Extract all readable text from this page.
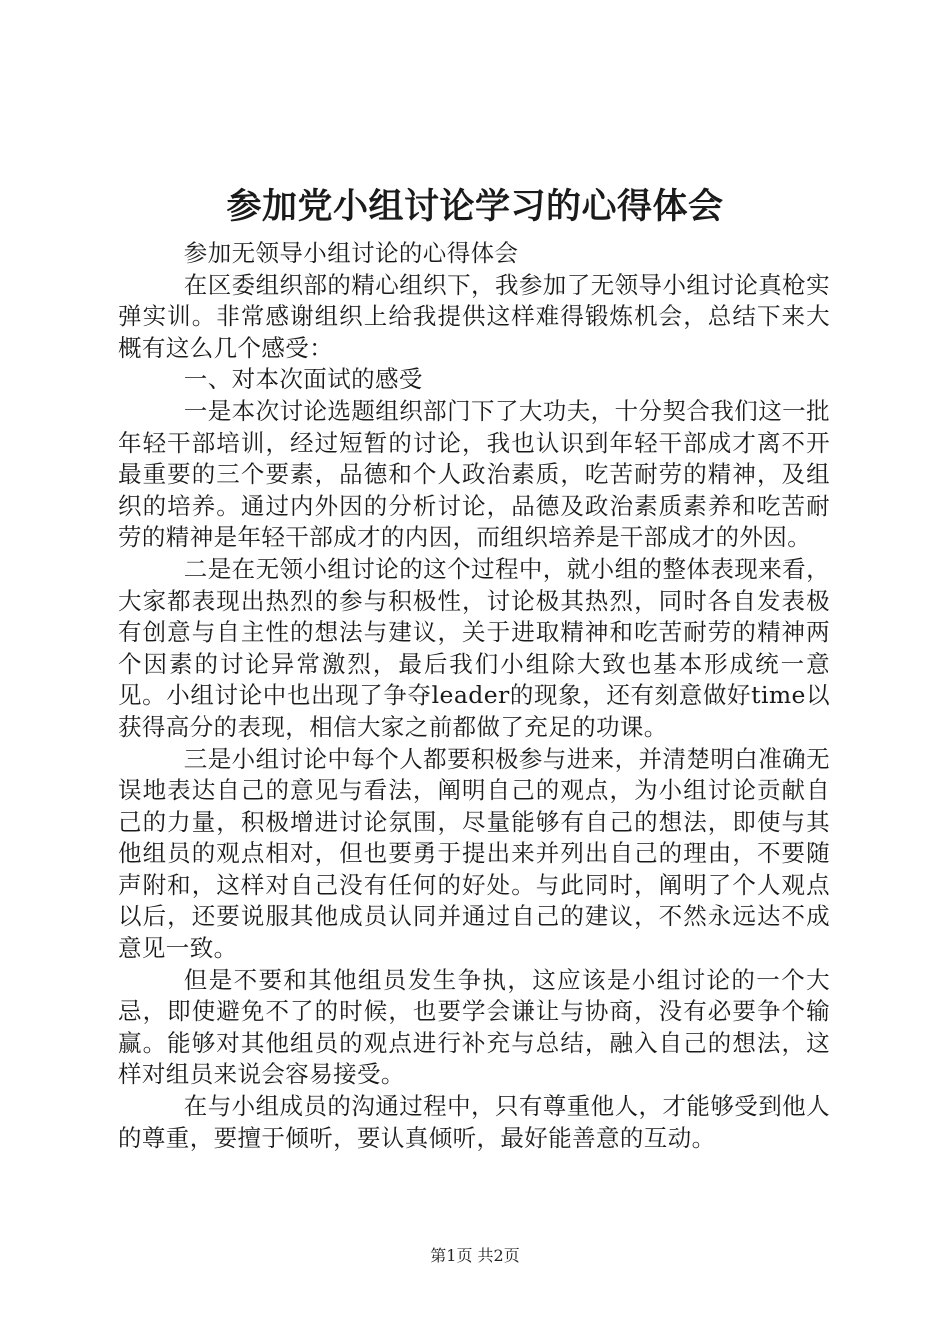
参加党小组讨论学习的心得体会

参加无领导小组讨论的心得体会

在区委组织部的精心组织下，我参加了无领导小组讨论真枪实弹实训。非常感谢组织上给我提供这样难得锻炼机会，总结下来大概有这么几个感受：

一、对本次面试的感受

一是本次讨论选题组织部门下了大功夫，十分契合我们这一批年轻干部培训，经过短暂的讨论，我也认识到年轻干部成才离不开最重要的三个要素，品德和个人政治素质，吃苦耐劳的精神，及组织的培养。通过内外因的分析讨论，品德及政治素质素养和吃苦耐劳的精神是年轻干部成才的内因，而组织培养是干部成才的外因。

二是在无领小组讨论的这个过程中，就小组的整体表现来看，大家都表现出热烈的参与积极性，讨论极其热烈，同时各自发表极有创意与自主性的想法与建议，关于进取精神和吃苦耐劳的精神两个因素的讨论异常激烈，最后我们小组除大致也基本形成统一意见。小组讨论中也出现了争夺leader的现象，还有刻意做好time以获得高分的表现，相信大家之前都做了充足的功课。

三是小组讨论中每个人都要积极参与进来，并清楚明白准确无误地表达自己的意见与看法，阐明自己的观点，为小组讨论贡献自己的力量，积极增进讨论氛围，尽量能够有自己的想法，即使与其他组员的观点相对，但也要勇于提出来并列出自己的理由，不要随声附和，这样对自己没有任何的好处。与此同时，阐明了个人观点以后，还要说服其他成员认同并通过自己的建议，不然永远达不成意见一致。

但是不要和其他组员发生争执，这应该是小组讨论的一个大忌，即使避免不了的时候，也要学会谦让与协商，没有必要争个输赢。能够对其他组员的观点进行补充与总结，融入自己的想法，这样对组员来说会容易接受。

在与小组成员的沟通过程中，只有尊重他人，才能够受到他人的尊重，要擅于倾听，要认真倾听，最好能善意的互动。

第1页 共2页
